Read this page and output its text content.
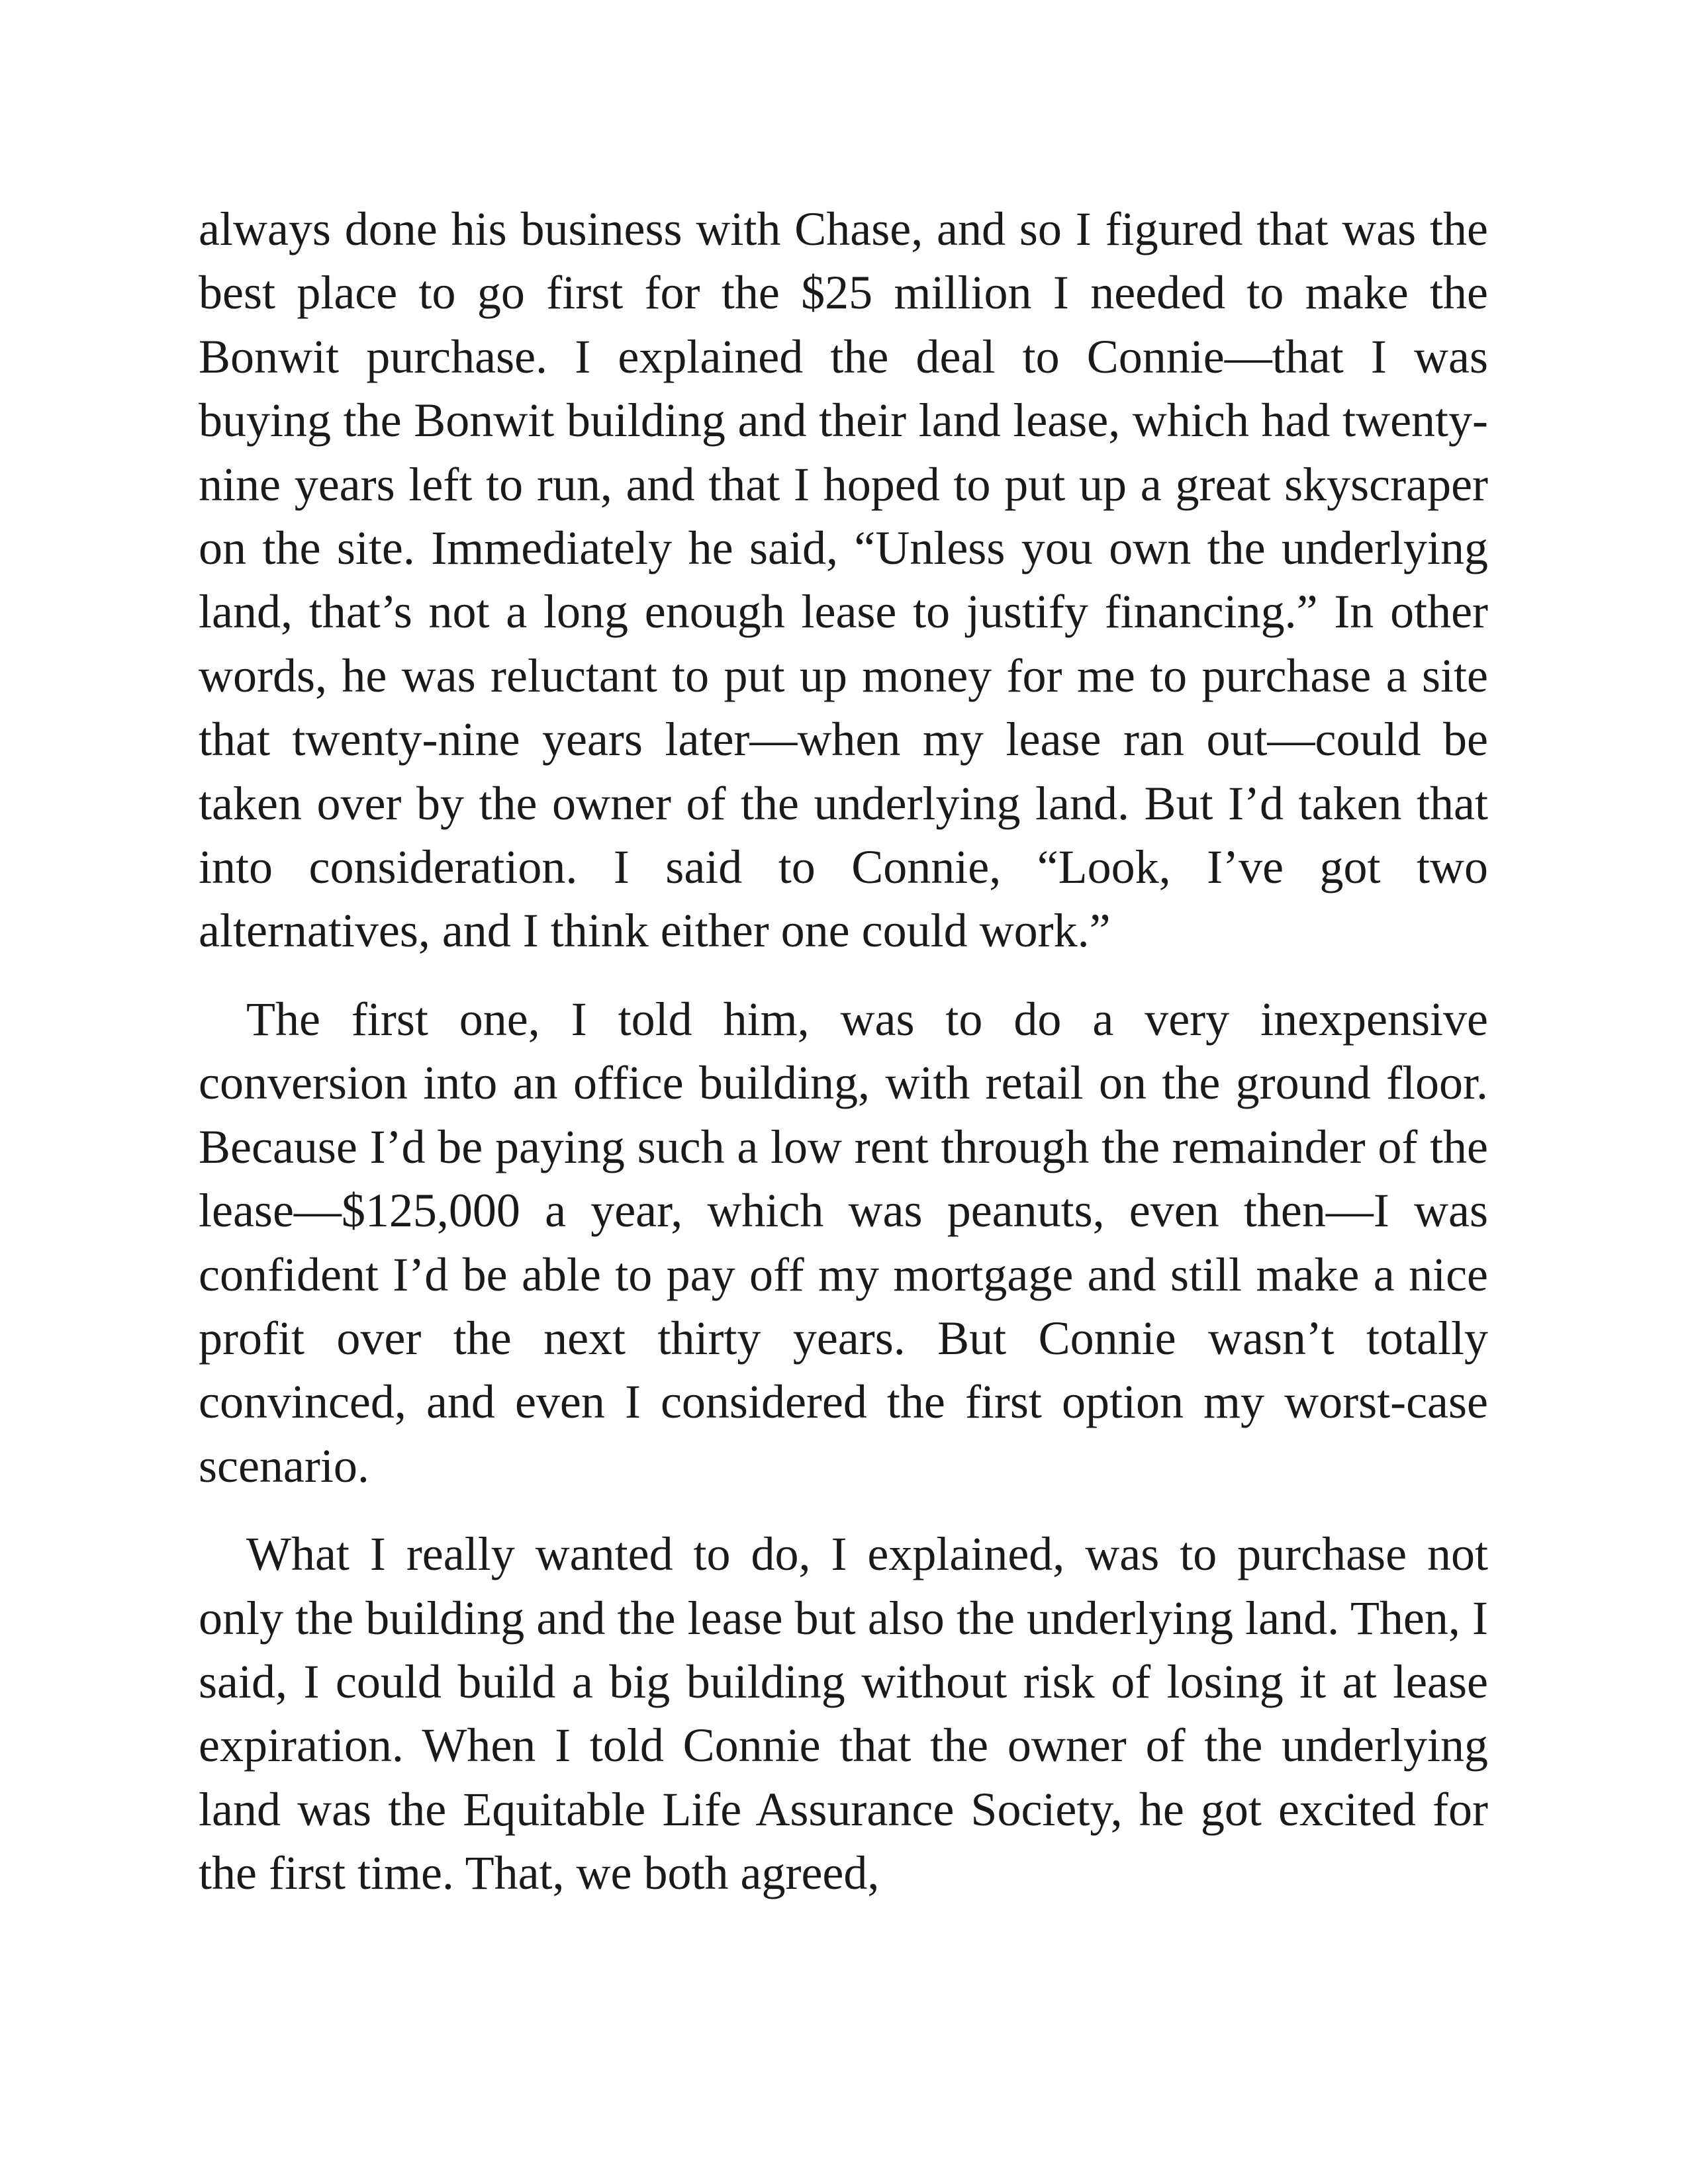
always done his business with Chase, and so I figured that was the best place to go first for the $25 million I needed to make the Bonwit purchase. I explained the deal to Connie—that I was buying the Bonwit building and their land lease, which had twenty-nine years left to run, and that I hoped to put up a great skyscraper on the site. Immediately he said, “Unless you own the underlying land, that’s not a long enough lease to justify financing.” In other words, he was reluctant to put up money for me to purchase a site that twenty-nine years later—when my lease ran out—could be taken over by the owner of the underlying land. But I’d taken that into consideration. I said to Connie, “Look, I’ve got two alternatives, and I think either one could work.”

The first one, I told him, was to do a very inexpensive conversion into an office building, with retail on the ground floor. Because I’d be paying such a low rent through the remainder of the lease—$125,000 a year, which was peanuts, even then—I was confident I’d be able to pay off my mortgage and still make a nice profit over the next thirty years. But Connie wasn’t totally convinced, and even I considered the first option my worst-case scenario.

What I really wanted to do, I explained, was to purchase not only the building and the lease but also the underlying land. Then, I said, I could build a big building without risk of losing it at lease expiration. When I told Connie that the owner of the underlying land was the Equitable Life Assurance Society, he got excited for the first time. That, we both agreed,
